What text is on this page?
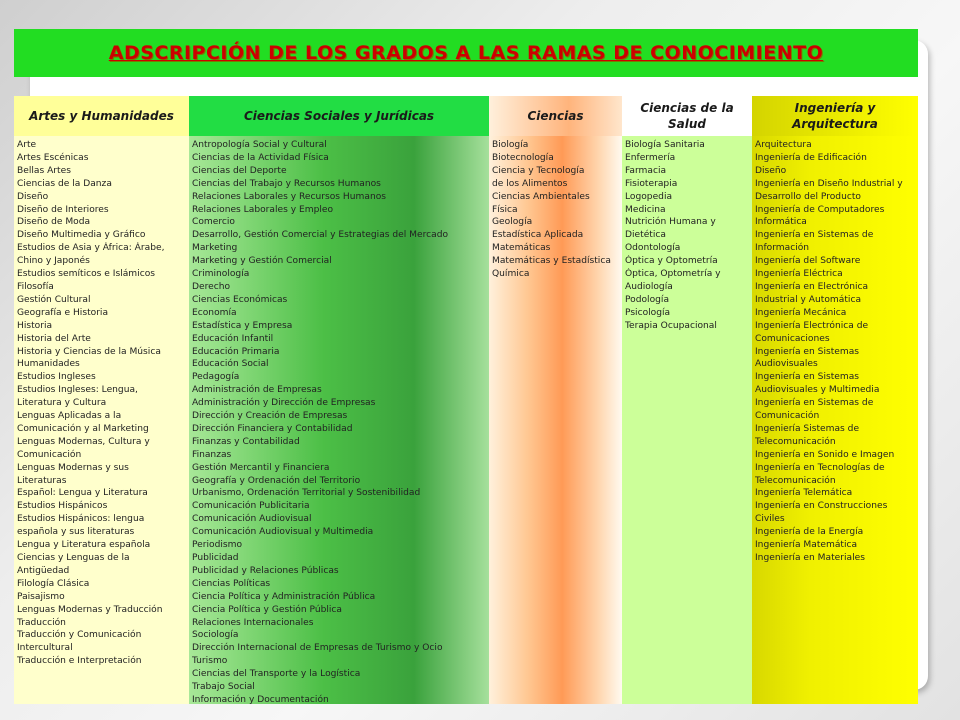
ADSCRIPCIÓN DE LOS GRADOS A LAS RAMAS DE CONOCIMIENTO
Artes y Humanidades
Arte
Artes Escénicas
Bellas Artes
Ciencias de la Danza
Diseño
Diseño de Interiores
Diseño de Moda
Diseño Multimedia y Gráfico
Estudios de Asia y África: Árabe,
Chino y Japonés
Estudios semíticos e Islámicos
Filosofía
Gestión Cultural
Geografía e Historia
Historia
Historia del Arte
Historia y Ciencias de la Música
Humanidades
Estudios Ingleses
Estudios Ingleses: Lengua,
Literatura y Cultura
Lenguas Aplicadas a la
Comunicación y al Marketing
Lenguas Modernas, Cultura y
Comunicación
Lenguas Modernas y sus
Literaturas
Español: Lengua y Literatura
Estudios Hispánicos
Estudios Hispánicos: lengua
española y sus literaturas
Lengua y Literatura española
Ciencias y Lenguas de la
Antigüedad
Filología Clásica
Paisajismo
Lenguas Modernas y Traducción
Traducción
Traducción y Comunicación
Intercultural
Traducción e Interpretación
Ciencias Sociales y Jurídicas
Antropología Social y Cultural
Ciencias de la Actividad Física
Ciencias del Deporte
Ciencias del Trabajo y Recursos Humanos
Relaciones Laborales y Recursos Humanos
Relaciones Laborales y Empleo
Comercio
Desarrollo, Gestión Comercial y Estrategias del Mercado
Marketing
Marketing y Gestión Comercial
Criminología
Derecho
Ciencias Económicas
Economía
Estadística y Empresa
Educación Infantil
Educación Primaria
Educación Social
Pedagogía
Administración de Empresas
Administración y Dirección de Empresas
Dirección y Creación de Empresas
Dirección Financiera y Contabilidad
Finanzas y Contabilidad
Finanzas
Gestión Mercantil y Financiera
Geografía y Ordenación del Territorio
Urbanismo, Ordenación Territorial y Sostenibilidad
Comunicación Publicitaria
Comunicación Audiovisual
Comunicación Audiovisual y Multimedia
Periodismo
Publicidad
Publicidad y Relaciones Públicas
Ciencias Políticas
Ciencia Política y Administración Pública
Ciencia Política y Gestión Pública
Relaciones Internacionales
Sociología
Dirección Internacional de Empresas de Turismo y Ocio
Turismo
Ciencias del Transporte y la Logística
Trabajo Social
Información y Documentación
Ciencias
Biología
Biotecnología
Ciencia y Tecnología
de los Alimentos
Ciencias Ambientales
Física
Geología
Estadística Aplicada
Matemáticas
Matemáticas y Estadística
Química
Ciencias de la Salud
Biología Sanitaria
Enfermería
Farmacia
Fisioterapia
Logopedia
Medicina
Nutrición Humana y
Dietética
Odontología
Óptica y Optometría
Óptica, Optometría y
Audiología
Podología
Psicología
Terapia Ocupacional
Ingeniería y Arquitectura
Arquitectura
Ingeniería de Edificación
Diseño
Ingeniería en Diseño Industrial y
Desarrollo del Producto
Ingeniería de Computadores
Informática
Ingeniería en Sistemas de
Información
Ingeniería del Software
Ingeniería Eléctrica
Ingeniería en Electrónica
Industrial y Automática
Ingeniería Mecánica
Ingeniería Electrónica de
Comunicaciones
Ingeniería en Sistemas
Audiovisuales
Ingeniería en Sistemas
Audiovisuales y Multimedia
Ingeniería en Sistemas de
Comunicación
Ingeniería Sistemas de
Telecomunicación
Ingeniería en Sonido e Imagen
Ingeniería en Tecnologías de
Telecomunicación
Ingeniería Telemática
Ingeniería en Construcciones
Civiles
Ingeniería de la Energía
Ingeniería Matemática
Ingeniería en Materiales
